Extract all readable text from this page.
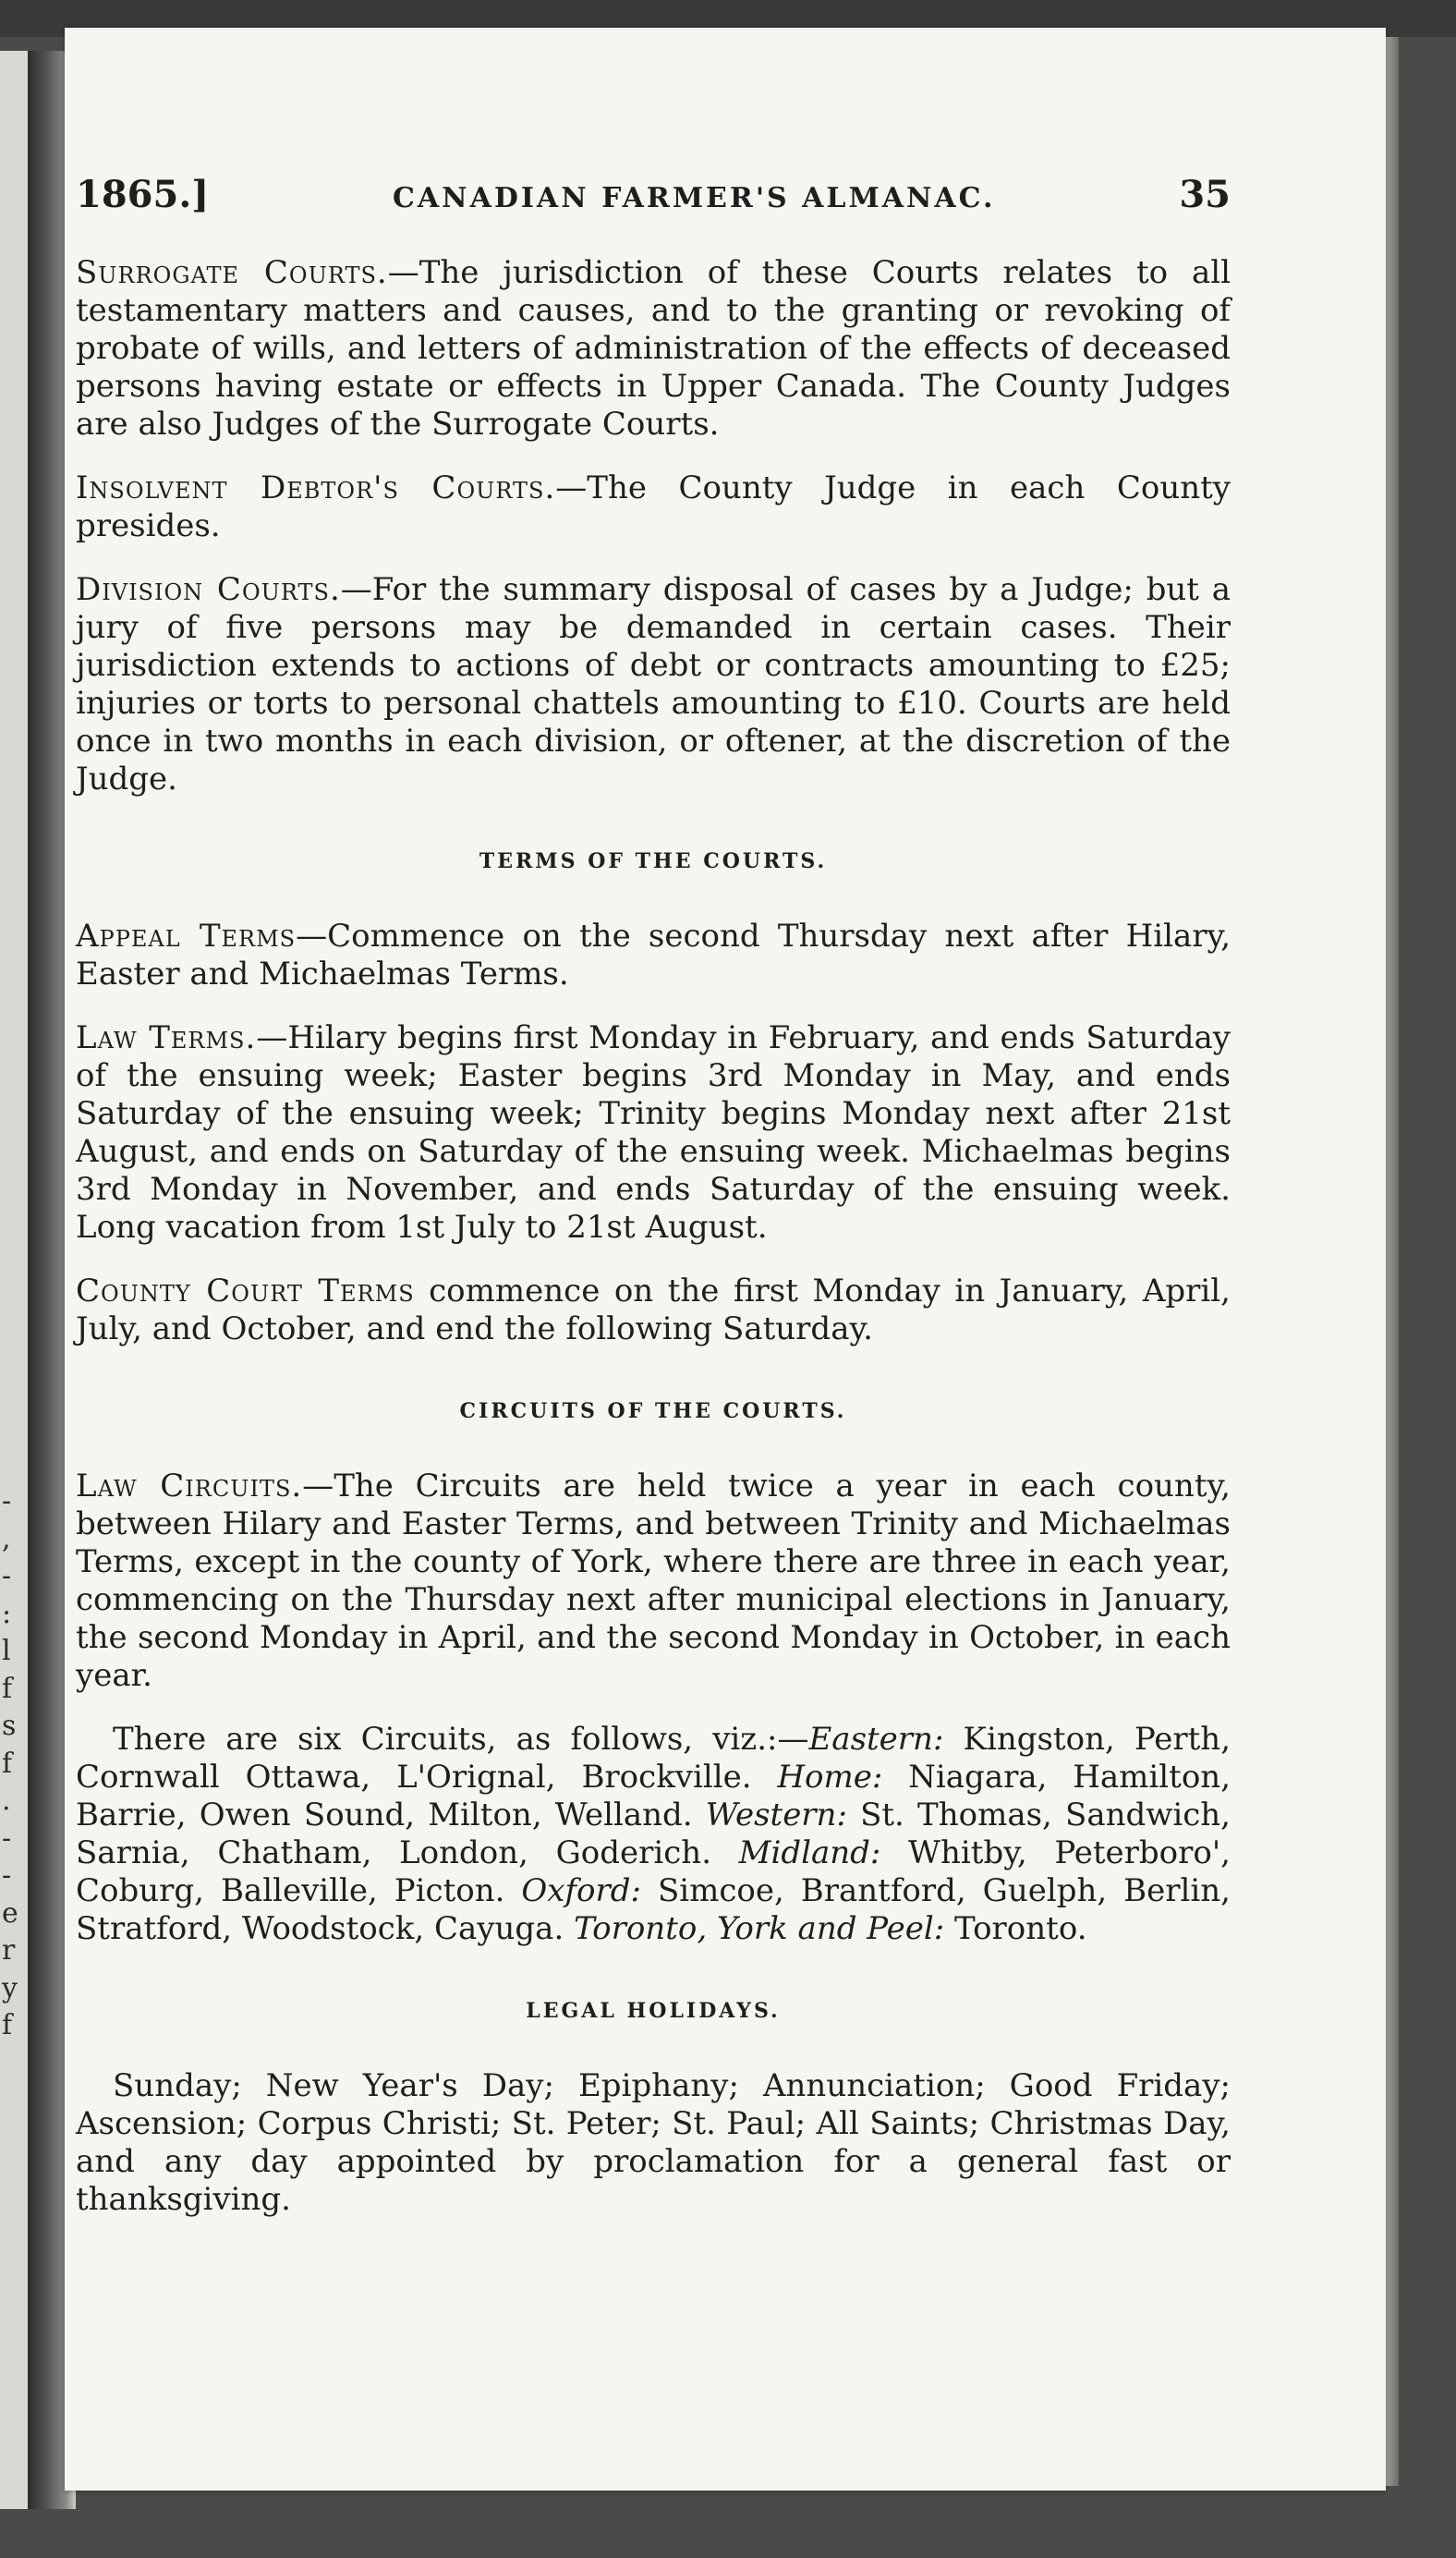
-
,
-
:
l
f
s
f
.
-
-
e
r
y
f
1865.]	CANADIAN FARMER'S ALMANAC.	35

Surrogate Courts.—The jurisdiction of these Courts relates to all testamentary matters and causes, and to the granting or revoking of probate of wills, and letters of administration of the effects of deceased persons having estate or effects in Upper Canada. The County Judges are also Judges of the Surrogate Courts.

Insolvent Debtor's Courts.—The County Judge in each County presides.

Division Courts.—For the summary disposal of cases by a Judge; but a jury of five persons may be demanded in certain cases. Their jurisdiction extends to actions of debt or contracts amounting to £25; injuries or torts to personal chattels amounting to £10. Courts are held once in two months in each division, or oftener, at the discretion of the Judge.

TERMS OF THE COURTS.

Appeal Terms—Commence on the second Thursday next after Hilary, Easter and Michaelmas Terms.

Law Terms.—Hilary begins first Monday in February, and ends Saturday of the ensuing week; Easter begins 3rd Monday in May, and ends Saturday of the ensuing week; Trinity begins Monday next after 21st August, and ends on Saturday of the ensuing week. Michaelmas begins 3rd Monday in November, and ends Saturday of the ensuing week. Long vacation from 1st July to 21st August.

County Court Terms commence on the first Monday in January, April, July, and October, and end the following Saturday.

CIRCUITS OF THE COURTS.

Law Circuits.—The Circuits are held twice a year in each county, between Hilary and Easter Terms, and between Trinity and Michaelmas Terms, except in the county of York, where there are three in each year, commencing on the Thursday next after municipal elections in January, the second Monday in April, and the second Monday in October, in each year.

There are six Circuits, as follows, viz.:—Eastern: Kingston, Perth, Cornwall Ottawa, L'Orignal, Brockville. Home: Niagara, Hamilton, Barrie, Owen Sound, Milton, Welland. Western: St. Thomas, Sandwich, Sarnia, Chatham, London, Goderich. Midland: Whitby, Peterboro', Coburg, Balleville, Picton. Oxford: Simcoe, Brantford, Guelph, Berlin, Stratford, Woodstock, Cayuga. Toronto, York and Peel: Toronto.

LEGAL HOLIDAYS.

Sunday; New Year's Day; Epiphany; Annunciation; Good Friday; Ascension; Corpus Christi; St. Peter; St. Paul; All Saints; Christmas Day, and any day appointed by proclamation for a general fast or thanksgiving.
